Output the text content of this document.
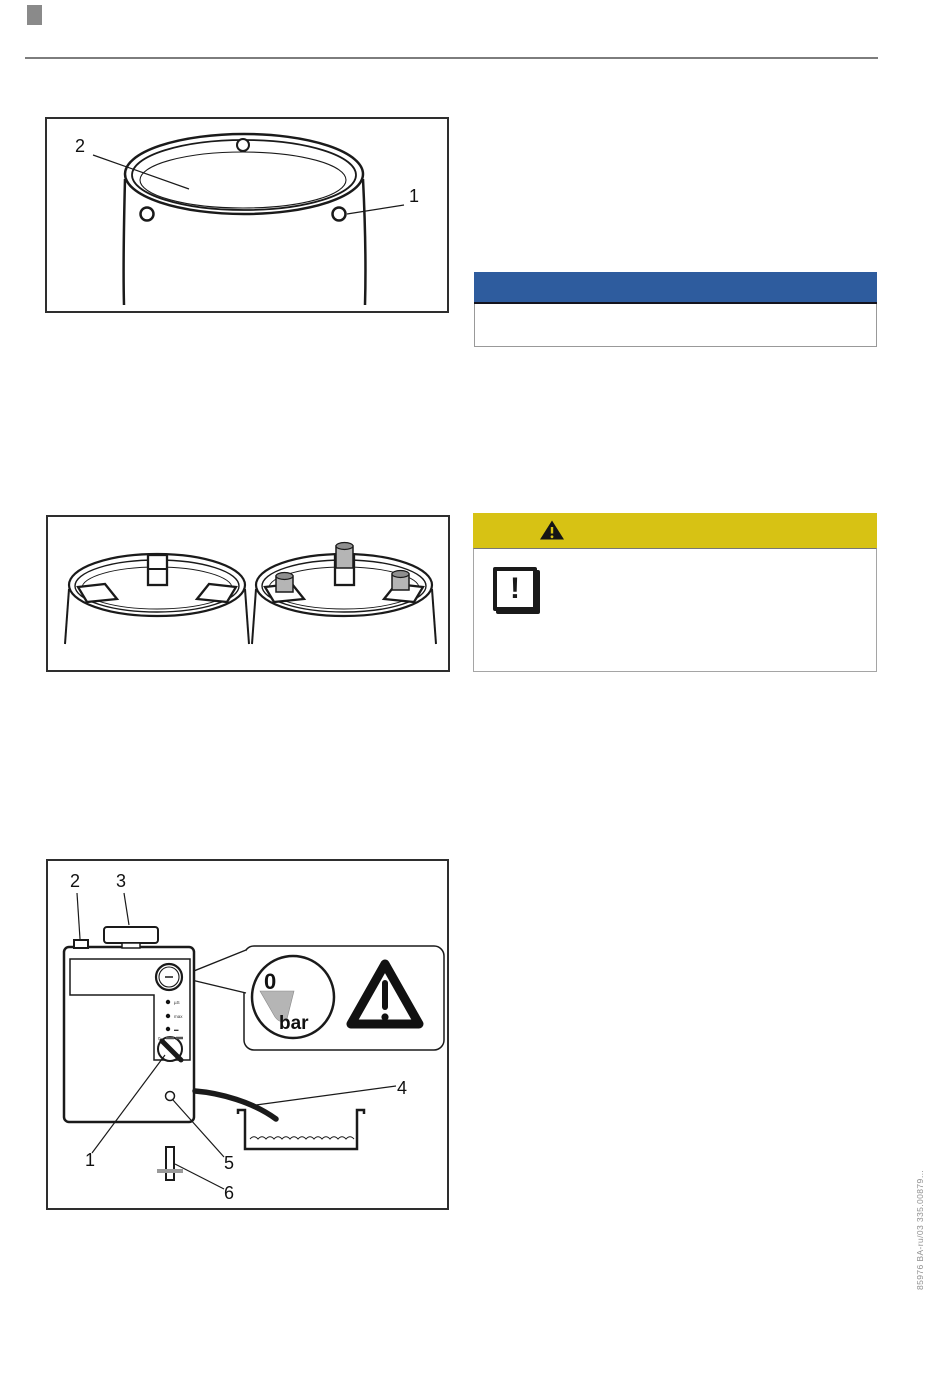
2
1
!
0
bar
µS
max
▬
0
2 3
1	5
6
4
85976 BA-ru/03 335.00879…
